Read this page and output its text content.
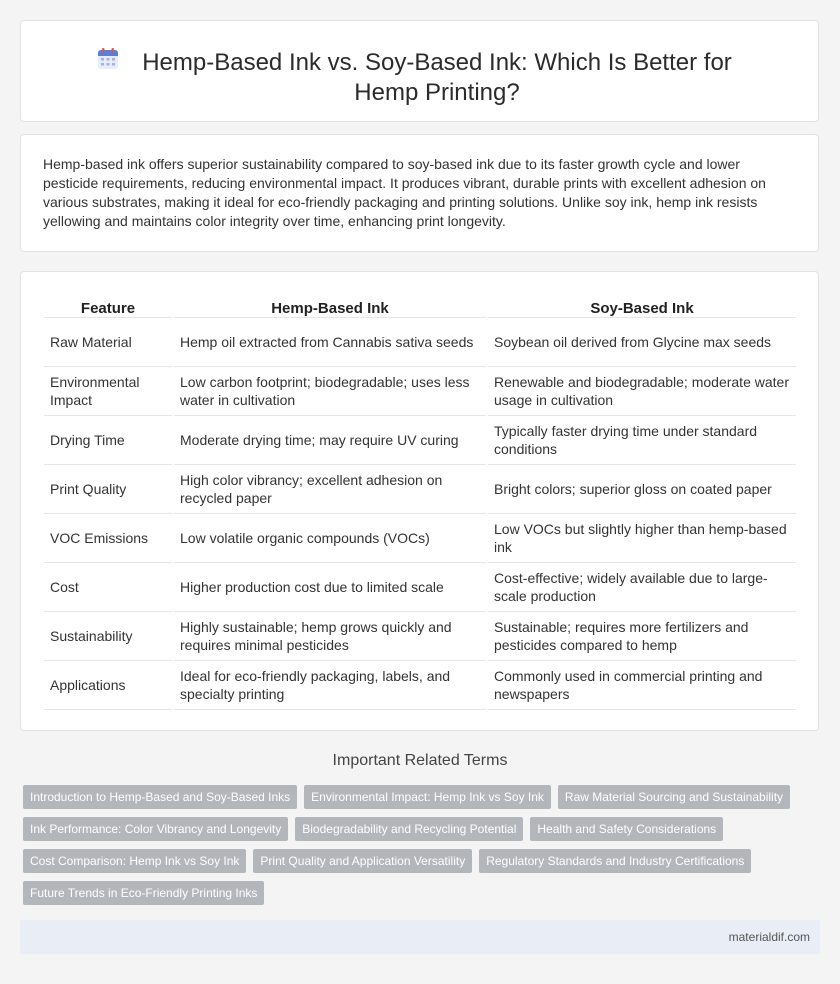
Hemp-Based Ink vs. Soy-Based Ink: Which Is Better for Hemp Printing?

Hemp-based ink offers superior sustainability compared to soy-based ink due to its faster growth cycle and lower pesticide requirements, reducing environmental impact. It produces vibrant, durable prints with excellent adhesion on various substrates, making it ideal for eco-friendly packaging and printing solutions. Unlike soy ink, hemp ink resists yellowing and maintains color integrity over time, enhancing print longevity.

Feature	Hemp-Based Ink	Soy-Based Ink
Raw Material	Hemp oil extracted from Cannabis sativa seeds	Soybean oil derived from Glycine max seeds
Environmental Impact	Low carbon footprint; biodegradable; uses less water in cultivation	Renewable and biodegradable; moderate water usage in cultivation
Drying Time	Moderate drying time; may require UV curing	Typically faster drying time under standard conditions
Print Quality	High color vibrancy; excellent adhesion on recycled paper	Bright colors; superior gloss on coated paper
VOC Emissions	Low volatile organic compounds (VOCs)	Low VOCs but slightly higher than hemp-based ink
Cost	Higher production cost due to limited scale	Cost-effective; widely available due to large-scale production
Sustainability	Highly sustainable; hemp grows quickly and requires minimal pesticides	Sustainable; requires more fertilizers and pesticides compared to hemp
Applications	Ideal for eco-friendly packaging, labels, and specialty printing	Commonly used in commercial printing and newspapers
Important Related Terms
Introduction to Hemp-Based and Soy-Based Inks	Environmental Impact: Hemp Ink vs Soy Ink	Raw Material Sourcing and Sustainability
Ink Performance: Color Vibrancy and Longevity	Biodegradability and Recycling Potential	Health and Safety Considerations
Cost Comparison: Hemp Ink vs Soy Ink	Print Quality and Application Versatility	Regulatory Standards and Industry Certifications
Future Trends in Eco-Friendly Printing Inks
materialdif.com
